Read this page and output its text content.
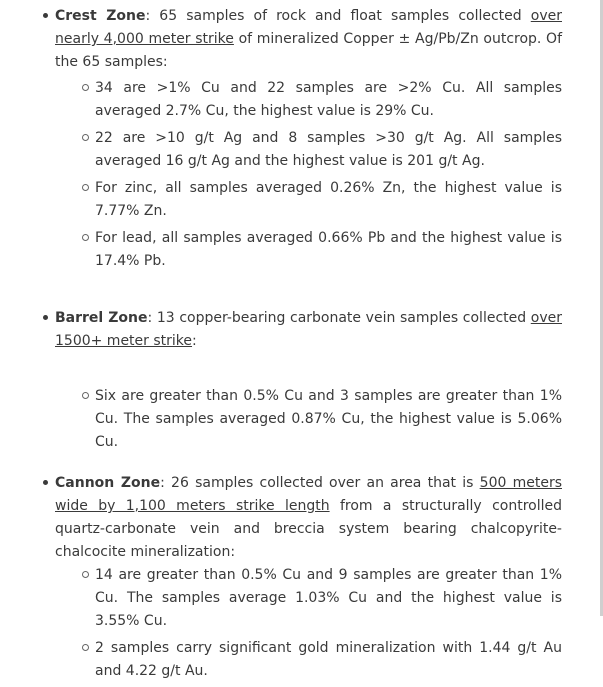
Crest Zone: 65 samples of rock and float samples collected over nearly 4,000 meter strike of mineralized Copper ± Ag/Pb/Zn outcrop. Of the 65 samples:

34 are >1% Cu and 22 samples are >2% Cu. All samples averaged 2.7% Cu, the highest value is 29% Cu.
22 are >10 g/t Ag and 8 samples >30 g/t Ag. All samples averaged 16 g/t Ag and the highest value is 201 g/t Ag.
For zinc, all samples averaged 0.26% Zn, the highest value is 7.77% Zn.
For lead, all samples averaged 0.66% Pb and the highest value is 17.4% Pb.

Barrel Zone: 13 copper-bearing carbonate vein samples collected over 1500+ meter strike:

Six are greater than 0.5% Cu and 3 samples are greater than 1% Cu. The samples averaged 0.87% Cu, the highest value is 5.06% Cu.

Cannon Zone: 26 samples collected over an area that is 500 meters wide by 1,100 meters strike length from a structurally controlled quartz-carbonate vein and breccia system bearing chalcopyrite-chalcocite mineralization:

14 are greater than 0.5% Cu and 9 samples are greater than 1% Cu. The samples average 1.03% Cu and the highest value is 3.55% Cu.
2 samples carry significant gold mineralization with 1.44 g/t Au and 4.22 g/t Au.
